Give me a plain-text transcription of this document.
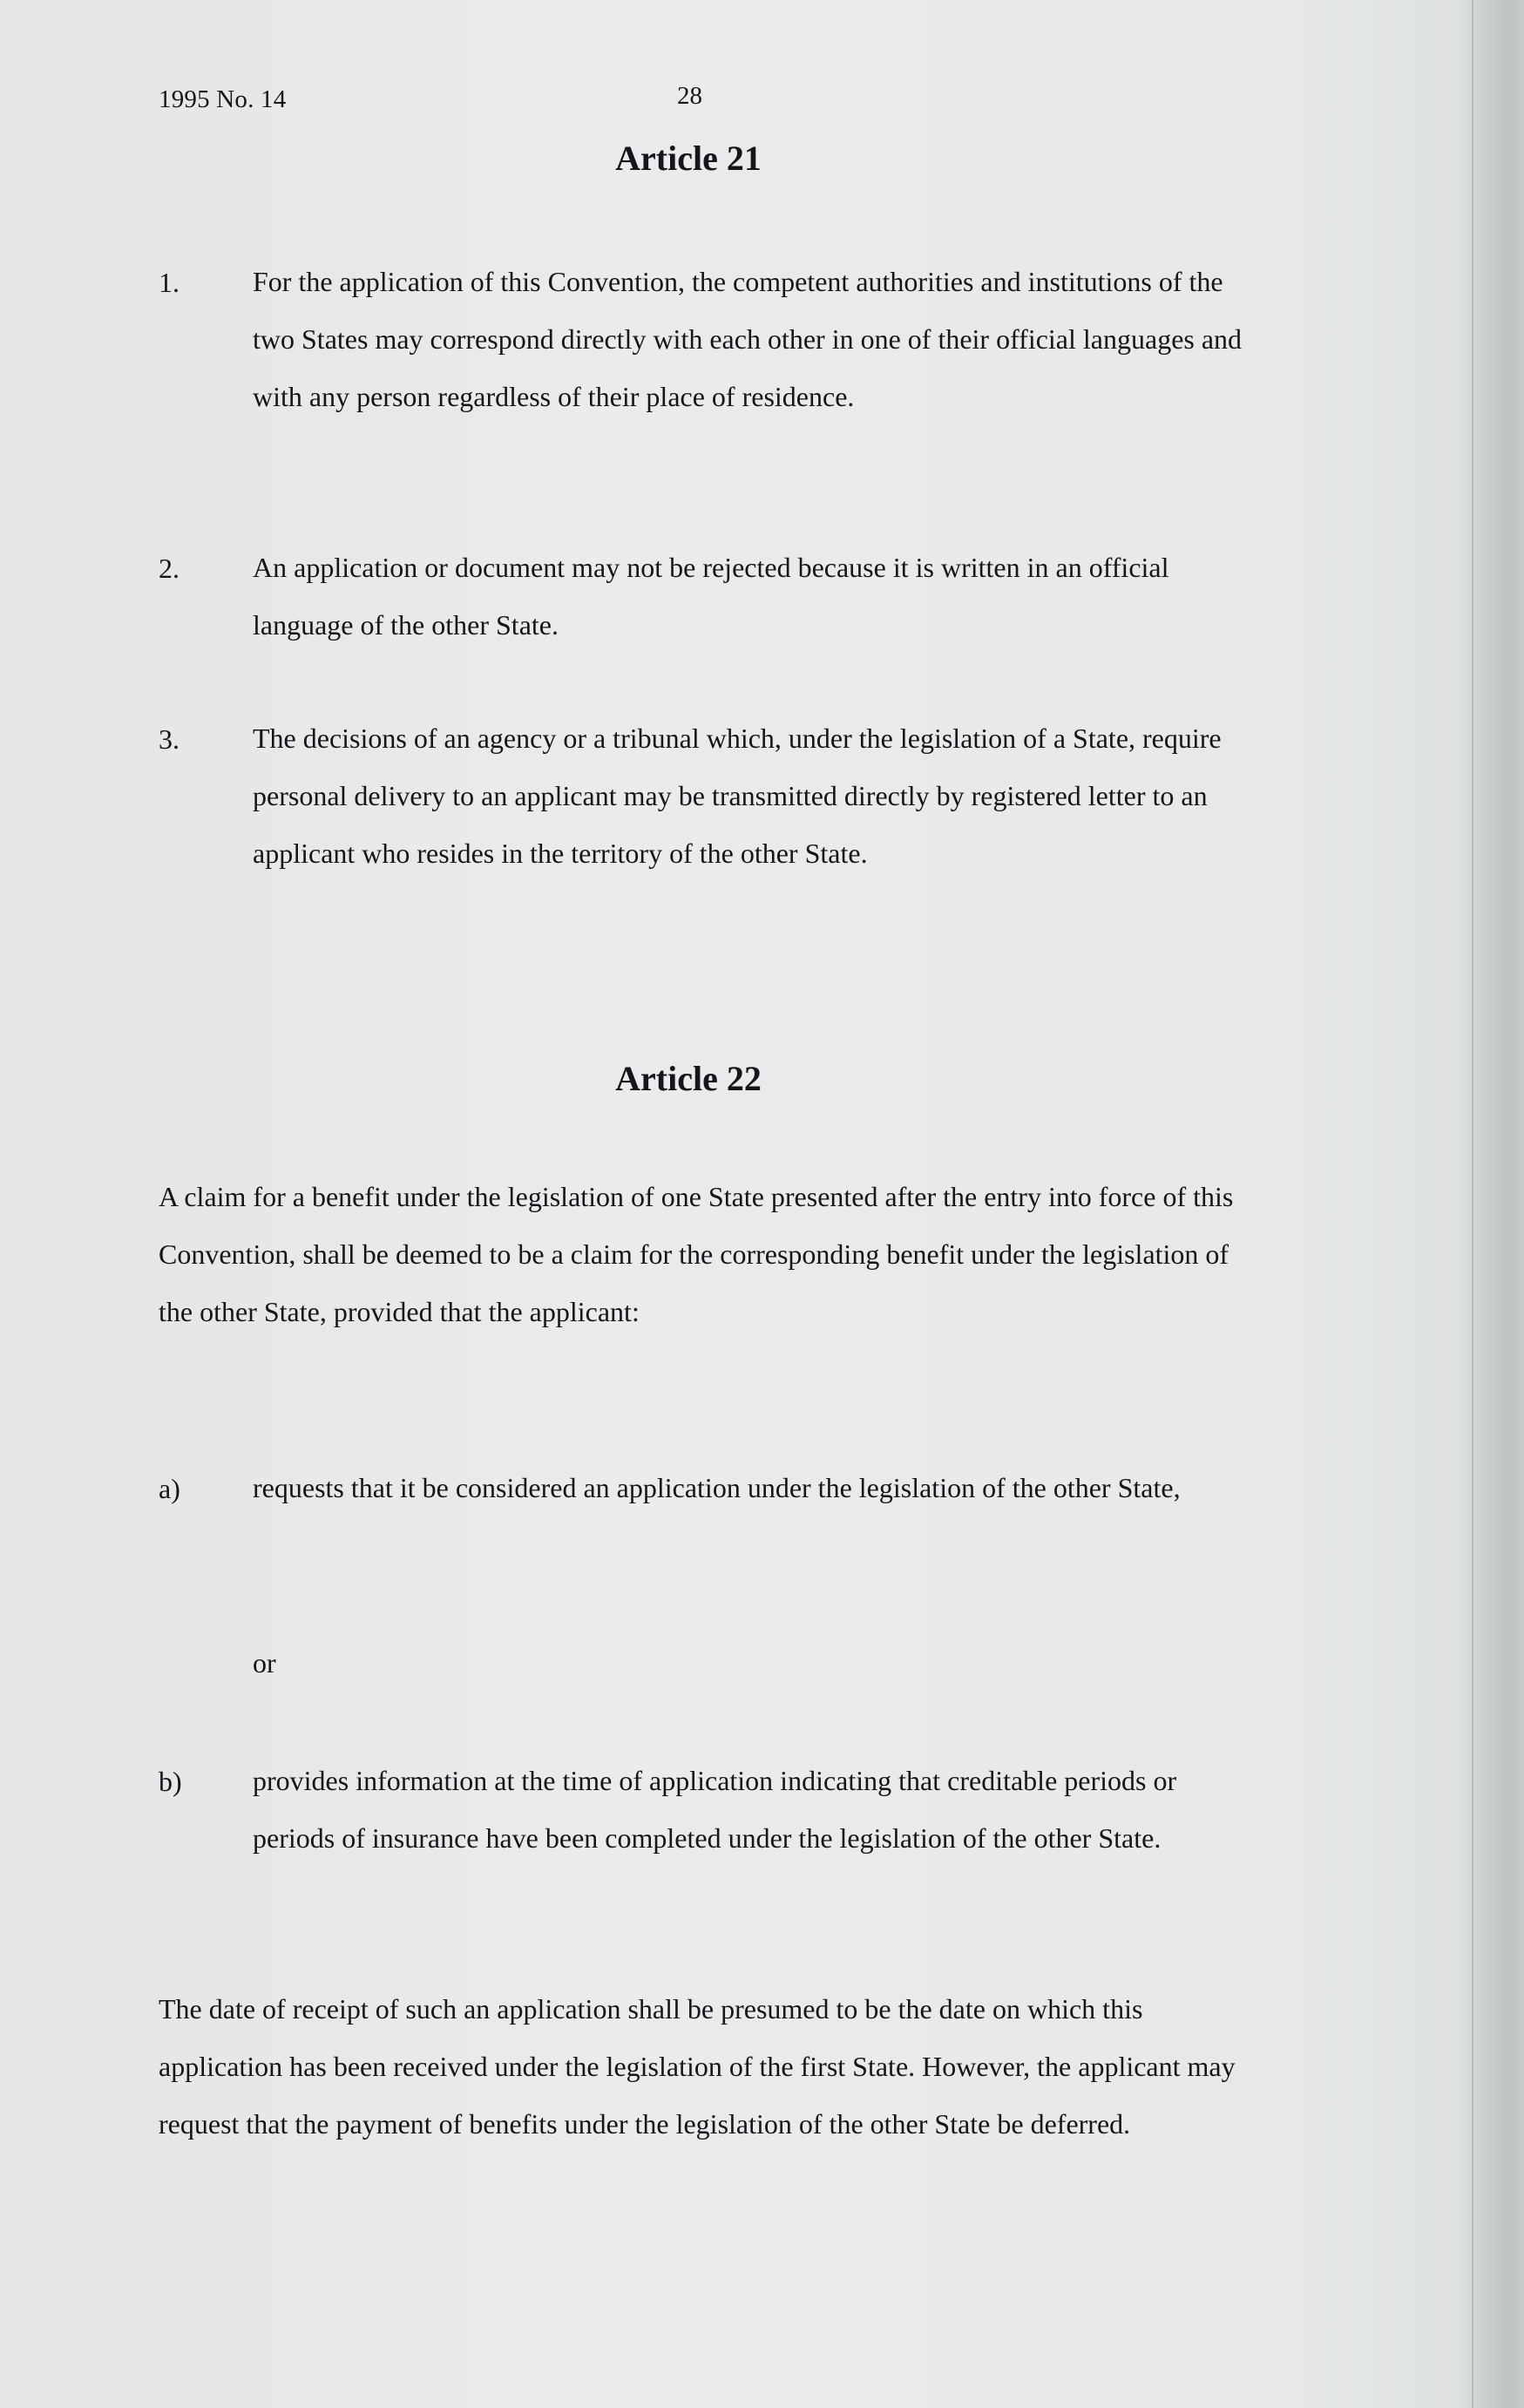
1995 No. 14	28
Article 21
1.	For the application of this Convention, the competent authorities and institutions of the two States may correspond directly with each other in one of their official languages and with any person regardless of their place of residence.

2.	An application or document may not be rejected because it is written in an official language of the other State.

3.	The decisions of an agency or a tribunal which, under the legislation of a State, require personal delivery to an applicant may be transmitted directly by registered letter to an applicant who resides in the territory of the other State.

Article 22

A claim for a benefit under the legislation of one State presented after the entry into force of this Convention, shall be deemed to be a claim for the corresponding benefit under the legislation of the other State, provided that the applicant:

a)	requests that it be considered an application under the legislation of the other State,

or
b)	provides information at the time of application indicating that creditable periods or periods of insurance have been completed under the legislation of the other State.

The date of receipt of such an application shall be presumed to be the date on which this application has been received under the legislation of the first State. However, the applicant may request that the payment of benefits under the legislation of the other State be deferred.
